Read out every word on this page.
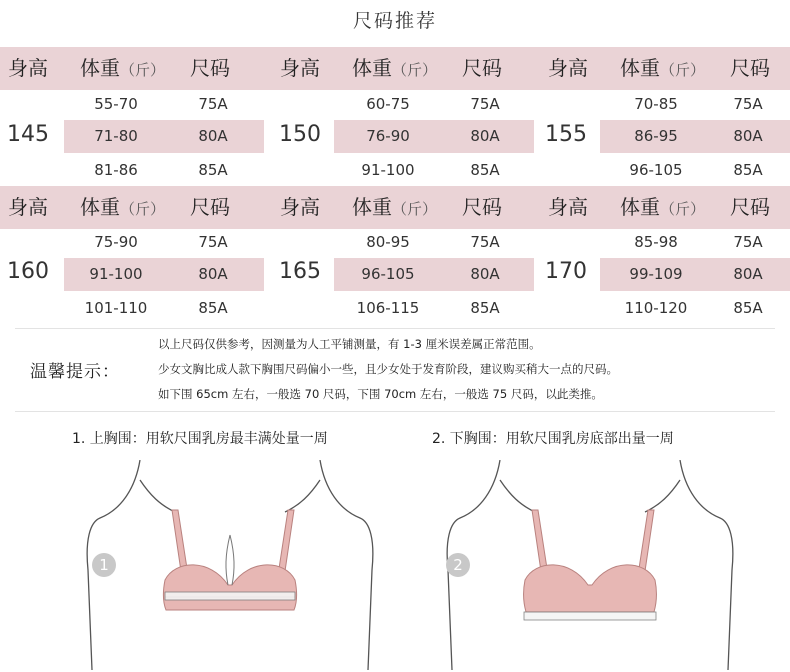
尺码推荐
身高 体重（斤） 尺码
145
55-70	75A
71-80	80A
81-86	85A
身高 体重（斤） 尺码
150
60-75	75A
76-90	80A
91-100	85A
身高 体重（斤） 尺码
155
70-85	75A
86-95	80A
96-105	85A
身高 体重（斤） 尺码
160
75-90	75A
91-100	80A
101-110	85A
身高 体重（斤） 尺码
165
80-95	75A
96-105	80A
106-115	85A
身高 体重（斤） 尺码
170
85-98	75A
99-109	80A
110-120	85A
温馨提示：
以上尺码仅供参考，因测量为人工平铺测量，有 1-3 厘米误差属正常范围。
少女文胸比成人款下胸围尺码偏小一些，且少女处于发育阶段，建议购买稍大一点的尺码。
如下围 65cm 左右，一般选 70 尺码，下围 70cm 左右，一般选 75 尺码，以此类推。
1. 上胸围：用软尺围乳房最丰满处量一周	2. 下胸围：用软尺围乳房底部出量一周
1	2
